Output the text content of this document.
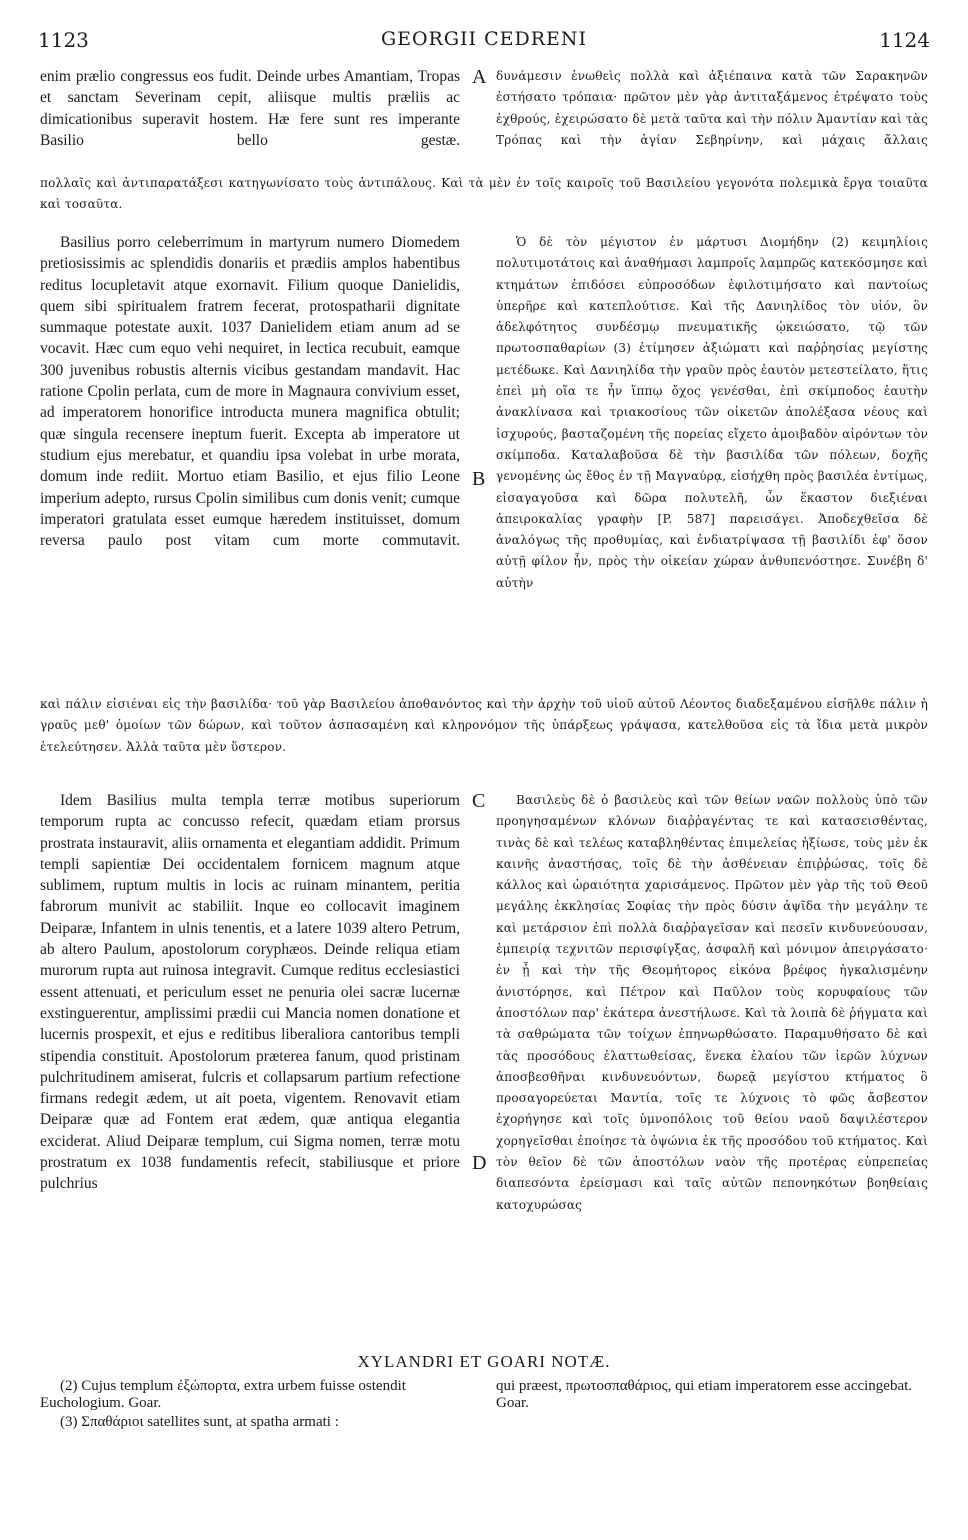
1123	GEORGII CEDRENI	1124

enim prælio congressus eos fudit. Deinde urbes Amantiam, Tropas et sanctam Severinam cepit, aliisque multis præliis ac dimicationibus superavit hostem. Hæ fere sunt res imperante Basilio bello gestæ.

A δυνάμεσιν ἑνωθεὶς πολλὰ καὶ ἀξιέπαινα κατὰ τῶν Σαρακηνῶν ἐστήσατο τρόπαια· πρῶτον μὲν γὰρ ἀντιταξάμενος ἐτρέψατο τοὺς ἐχθρούς, ἐχειρώσατο δὲ μετὰ ταῦτα καὶ τὴν πόλιν Ἀμαντίαν καὶ τὰς Τρόπας καὶ τὴν ἁγίαν Σεβηρίνην, καὶ μάχαις ἄλλαις

πολλαῖς καὶ ἀντιπαρατάξεσι κατηγωνίσατο τοὺς ἀντιπάλους. Καὶ τὰ μὲν ἐν τοῖς καιροῖς τοῦ Βασιλείου γεγονότα πολεμικὰ ἔργα τοιαῦτα καὶ τοσαῦτα.

Basilius porro celeberrimum in martyrum numero Diomedem pretiosissimis ac splendidis donariis et prædiis amplos habentibus reditus locupletavit atque exornavit. Filium quoque Danielidis, quem sibi spiritualem fratrem fecerat, protospatharii dignitate summaque potestate auxit. 1037 Danielidem etiam anum ad se vocavit. Hæc cum equo vehi nequiret, in lectica recubuit, eamque 300 juvenibus robustis alternis vicibus gestandam mandavit. Hac ratione Cpolin perlata, cum de more in Magnaura convivium esset, ad imperatorem honorifice introducta munera magnifica obtulit; quæ singula recensere ineptum fuerit. Excepta ab imperatore ut studium ejus merebatur, et quandiu ipsa volebat in urbe morata, domum inde rediit. Mortuo etiam Basilio, et ejus filio Leone imperium adepto, rursus Cpolin similibus cum donis venit; cumque imperatori gratulata esset eumque hæredem instituisset, domum reversa paulo post vitam cum morte commutavit.

B

Ὁ δὲ τὸν μέγιστον ἐν μάρτυσι Διομήδην (2) κειμηλίοις πολυτιμοτάτοις καὶ ἀναθήμασι λαμπροῖς λαμπρῶς κατεκόσμησε καὶ κτημάτων ἐπιδόσει εὐπροσόδων ἐφιλοτιμήσατο καὶ παντοίως ὑπερῆρε καὶ κατεπλούτισε. Καὶ τῆς Δανιηλίδος τὸν υἱόν, ὃν ἀδελφότητος συνδέσμῳ πνευματικῆς ᾠκειώσατο, τῷ τῶν πρωτοσπαθαρίων (3) ἐτίμησεν ἀξιώματι καὶ παῤῥησίας μεγίστης μετέδωκε. Καὶ Δανιηλίδα τὴν γραῦν πρὸς ἑαυτὸν μετεστείλατο, ἥτις ἐπεὶ μὴ οἵα τε ἦν ἵππῳ ὄχος γενέσθαι, ἐπὶ σκίμποδος ἑαυτὴν ἀνακλίνασα καὶ τριακοσίους τῶν οἰκετῶν ἀπολέξασα νέους καὶ ἰσχυρούς, βασταζομένη τῆς πορείας εἴχετο ἀμοιβαδὸν αἰρόντων τὸν σκίμποδα. Καταλαβοῦσα δὲ τὴν βασιλίδα τῶν πόλεων, δοχῆς γενομένης ὡς ἔθος ἐν τῇ Μαγναύρᾳ, εἰσήχθη πρὸς βασιλέα ἐντίμως, εἰσαγαγοῦσα καὶ δῶρα πολυτελῆ, ὧν ἕκαστον διεξιέναι ἀπειροκαλίας γραφὴν [P. 587] παρεισάγει. Ἀποδεχθεῖσα δὲ ἀναλόγως τῆς προθυμίας, καὶ ἐνδιατρίψασα τῇ βασιλίδι ἐφ' ὅσον αὐτῇ φίλον ἦν, πρὸς τὴν οἰκείαν χώραν ἀνθυπενόστησε. Συνέβη δ' αὐτὴν

καὶ πάλιν εἰσιέναι εἰς τὴν βασιλίδα· τοῦ γὰρ Βασιλείου ἀποθανόντος καὶ τὴν ἀρχὴν τοῦ υἱοῦ αὐτοῦ Λέοντος διαδεξαμένου εἰσῆλθε πάλιν ἡ γραῦς μεθ' ὁμοίων τῶν δώρων, καὶ τοῦτον ἀσπασαμένη καὶ κληρονόμον τῆς ὑπάρξεως γράψασα, κατελθοῦσα εἰς τὰ ἴδια μετὰ μικρὸν ἐτελεύτησεν. Ἀλλὰ ταῦτα μὲν ὕστερον.

Idem Basilius multa templa terræ motibus superiorum temporum rupta ac concusso refecit, quædam etiam prorsus prostrata instauravit, aliis ornamenta et elegantiam addidit. Primum templi sapientiæ Dei occidentalem fornicem magnum atque sublimem, ruptum multis in locis ac ruinam minantem, peritia fabrorum munivit ac stabiliit. Inque eo collocavit imaginem Deiparæ, Infantem in ulnis tenentis, et a latere 1039 altero Petrum, ab altero Paulum, apostolorum coryphæos. Deinde reliqua etiam murorum rupta aut ruinosa integravit. Cumque reditus ecclesiastici essent attenuati, et periculum esset ne penuria olei sacræ lucernæ exstinguerentur, amplissimi prædii cui Mancia nomen donatione et lucernis prospexit, et ejus e reditibus liberaliora cantoribus templi stipendia constituit. Apostolorum præterea fanum, quod pristinam pulchritudinem amiserat, fulcris et collapsarum partium refectione firmans redegit ædem, ut ait poeta, vigentem. Renovavit etiam Deiparæ quæ ad Fontem erat ædem, quæ antiqua elegantia exciderat. Aliud Deiparæ templum, cui Sigma nomen, terræ motu prostratum ex 1038 fundamentis refecit, stabiliusque et priore pulchrius

C
D

Βασιλεὺς δὲ ὁ βασιλεὺς καὶ τῶν θείων ναῶν πολλοὺς ὑπὸ τῶν προηγησαμένων κλόνων διαῤῥαγέντας τε καὶ κατασεισθέντας, τινὰς δὲ καὶ τελέως καταβληθέντας ἐπιμελείας ἠξίωσε, τοὺς μὲν ἐκ καινῆς ἀναστήσας, τοῖς δὲ τὴν ἀσθένειαν ἐπιῤῥώσας, τοῖς δὲ κάλλος καὶ ὡραιότητα χαρισάμενος. Πρῶτον μὲν γὰρ τῆς τοῦ Θεοῦ μεγάλης ἐκκλησίας Σοφίας τὴν πρὸς δύσιν ἀψῖδα τὴν μεγάλην τε καὶ μετάρσιον ἐπὶ πολλὰ διαῤῥαγεῖσαν καὶ πεσεῖν κινδυνεύουσαν, ἐμπειρίᾳ τεχνιτῶν περισφίγξας, ἀσφαλῆ καὶ μόνιμον ἀπειργάσατο· ἐν ᾗ καὶ τὴν τῆς Θεομήτορος εἰκόνα βρέφος ἠγκαλισμένην ἀνιστόρησε, καὶ Πέτρον καὶ Παῦλον τοὺς κορυφαίους τῶν ἀποστόλων παρ' ἑκάτερα ἀνεστήλωσε. Καὶ τὰ λοιπὰ δὲ ῥήγματα καὶ τὰ σαθρώματα τῶν τοίχων ἐπηνωρθώσατο. Παραμυθήσατο δὲ καὶ τὰς προσόδους ἐλαττωθείσας, ἕνεκα ἐλαίου τῶν ἱερῶν λύχνων ἀποσβεσθῆναι κινδυνευόντων, δωρεᾷ μεγίστου κτήματος ὃ προσαγορεύεται Μαντία, τοῖς τε λύχνοις τὸ φῶς ἄσβεστον ἐχορήγησε καὶ τοῖς ὑμνοπόλοις τοῦ θείου ναοῦ δαψιλέστερον χορηγεῖσθαι ἐποίησε τὰ ὀψώνια ἐκ τῆς προσόδου τοῦ κτήματος. Καὶ τὸν θεῖον δὲ τῶν ἀποστόλων ναὸν τῆς προτέρας εὐπρεπείας διαπεσόντα ἐρείσμασι καὶ ταῖς αὐτῶν πεπονηκότων βοηθείαις κατοχυρώσας

XYLANDRI ET GOARI NOTÆ.

(2) Cujus templum ἐξώπορτα, extra urbem fuisse ostendit Euchologium. Goar.

(3) Σπαθάριοι satellites sunt, at spatha armati :

qui præest, πρωτοσπαθάριος, qui etiam imperatorem esse accingebat. Goar.
